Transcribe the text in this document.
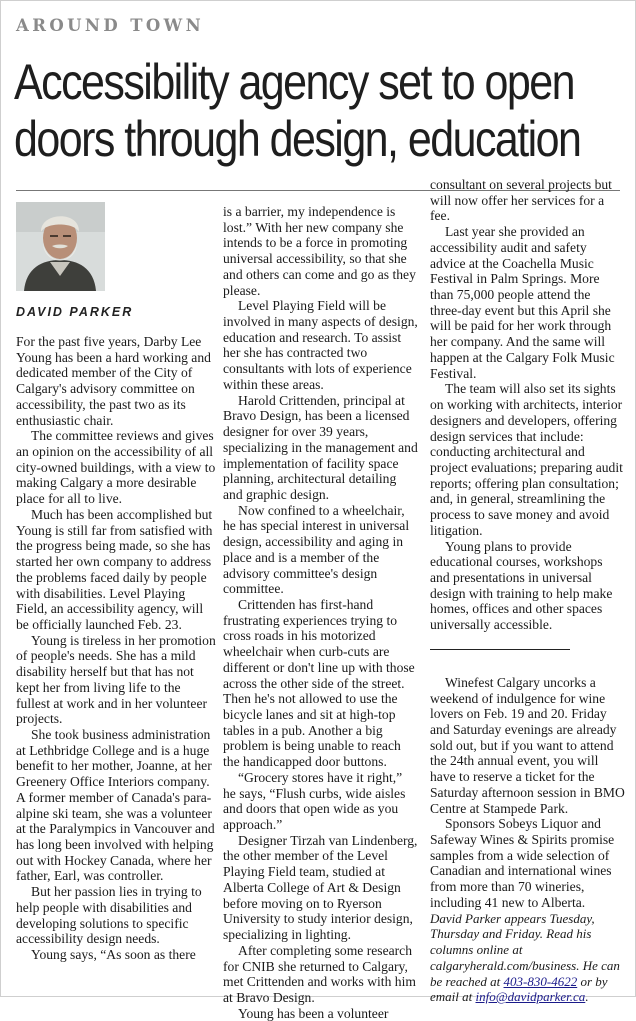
AROUND TOWN
Accessibility agency set to open
doors through design, education

DAVID PARKER

For the past five years, Darby Lee Young has been a hard working and dedicated member of the City of Calgary's advisory committee on accessibility, the past two as its enthusiastic chair.

The committee reviews and gives an opinion on the accessibility of all city-owned buildings, with a view to making Calgary a more desirable place for all to live.

Much has been accomplished but Young is still far from satisfied with the progress being made, so she has started her own company to address the problems faced daily by people with disabilities. Level Playing Field, an accessibility agency, will be officially launched Feb. 23.

Young is tireless in her promotion of people's needs. She has a mild disability herself but that has not kept her from living life to the fullest at work and in her volunteer projects.

She took business administration at Lethbridge College and is a huge benefit to her mother, Joanne, at her Greenery Office Interiors company. A former member of Canada's para-alpine ski team, she was a volunteer at the Paralympics in Vancouver and has long been involved with helping out with Hockey Canada, where her father, Earl, was controller.

But her passion lies in trying to help people with disabilities and developing solutions to specific accessibility design needs.

Young says, “As soon as there

is a barrier, my independence is lost.” With her new company she intends to be a force in promoting universal accessibility, so that she and others can come and go as they please.

Level Playing Field will be involved in many aspects of design, education and research. To assist her she has contracted two consultants with lots of experience within these areas.

Harold Crittenden, principal at Bravo Design, has been a licensed designer for over 39 years, specializing in the management and implementation of facility space planning, architectural detailing and graphic design.

Now confined to a wheelchair, he has special interest in universal design, accessibility and aging in place and is a member of the advisory committee's design committee.

Crittenden has first-hand frustrating experiences trying to cross roads in his motorized wheelchair when curb-cuts are different or don't line up with those across the other side of the street. Then he's not allowed to use the bicycle lanes and sit at high-top tables in a pub. Another a big problem is being unable to reach the handicapped door buttons.

“Grocery stores have it right,” he says, “Flush curbs, wide aisles and doors that open wide as you approach.”

Designer Tirzah van Lindenberg, the other member of the Level Playing Field team, studied at Alberta College of Art & Design before moving on to Ryerson University to study interior design, specializing in lighting.

After completing some research for CNIB she returned to Calgary, met Crittenden and works with him at Bravo Design.

Young has been a volunteer

consultant on several projects but will now offer her services for a fee.

Last year she provided an accessibility audit and safety advice at the Coachella Music Festival in Palm Springs. More than 75,000 people attend the three-day event but this April she will be paid for her work through her company. And the same will happen at the Calgary Folk Music Festival.

The team will also set its sights on working with architects, interior designers and developers, offering design services that include: conducting architectural and project evaluations; preparing audit reports; offering plan consultation; and, in general, streamlining the process to save money and avoid litigation.

Young plans to provide educational courses, workshops and presentations in universal design with training to help make homes, offices and other spaces universally accessible.

Winefest Calgary uncorks a weekend of indulgence for wine lovers on Feb. 19 and 20. Friday and Saturday evenings are already sold out, but if you want to attend the 24th annual event, you will have to reserve a ticket for the Saturday afternoon session in BMO Centre at Stampede Park.

Sponsors Sobeys Liquor and Safeway Wines & Spirits promise samples from a wide selection of Canadian and international wines from more than 70 wineries, including 41 new to Alberta.

David Parker appears Tuesday, Thursday and Friday. Read his columns online at calgaryherald.com/business. He can be reached at 403-830-4622 or by email at info@davidparker.ca.
